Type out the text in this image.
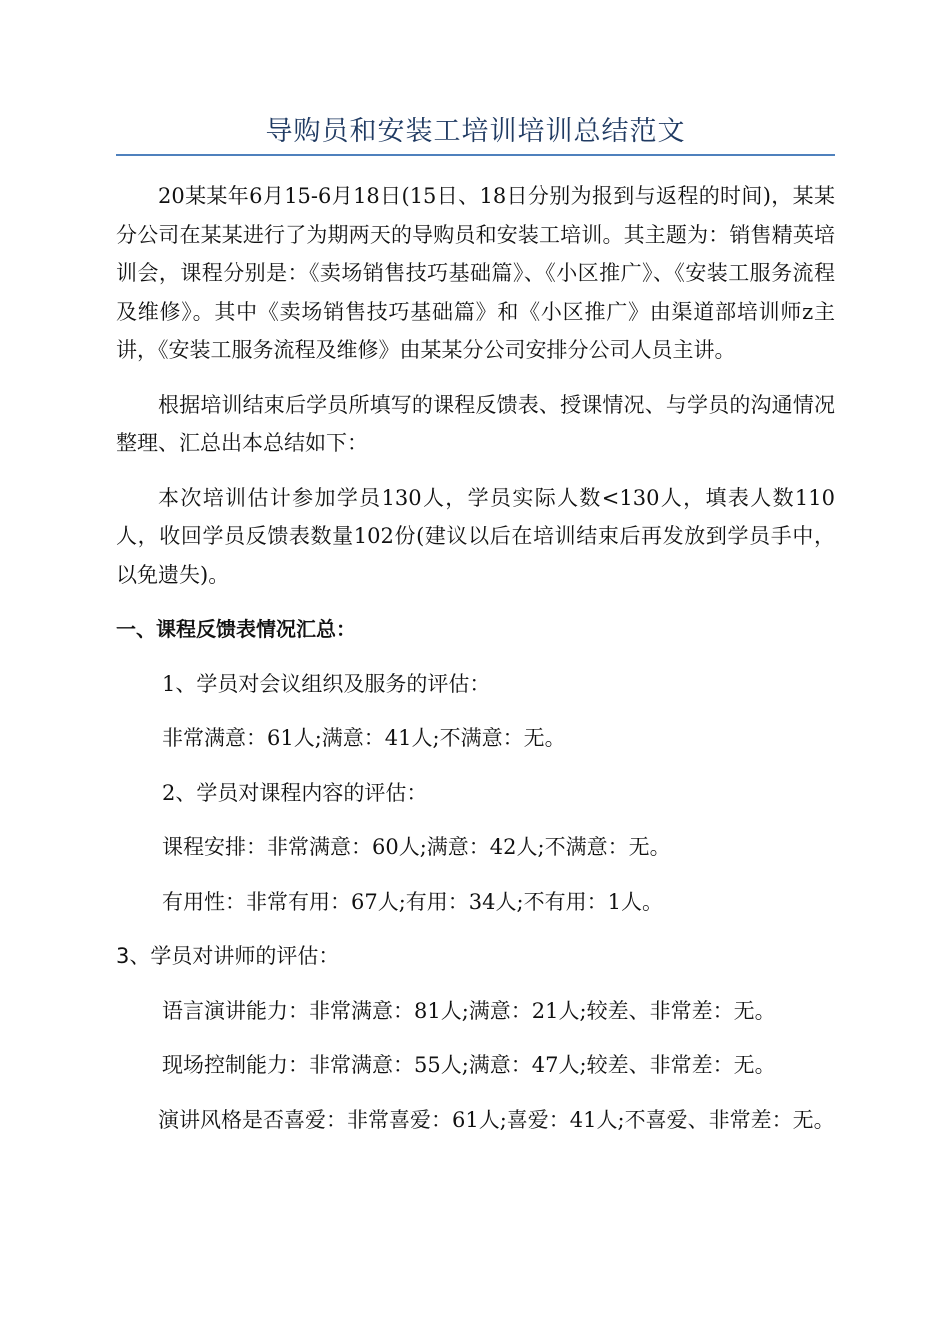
导购员和安装工培训培训总结范文

20某某年6月15-6月18日(15日、18日分别为报到与返程的时间)，某某分公司在某某进行了为期两天的导购员和安装工培训。其主题为：销售精英培训会，课程分别是：《卖场销售技巧基础篇》、《小区推广》、《安装工服务流程及维修》。其中《卖场销售技巧基础篇》和《小区推广》由渠道部培训师z主讲，《安装工服务流程及维修》由某某分公司安排分公司人员主讲。

根据培训结束后学员所填写的课程反馈表、授课情况、与学员的沟通情况整理、汇总出本总结如下：

本次培训估计参加学员130人，学员实际人数<130人，填表人数110人，收回学员反馈表数量102份(建议以后在培训结束后再发放到学员手中，以免遗失)。

一、课程反馈表情况汇总：

1、学员对会议组织及服务的评估：

非常满意：61人;满意：41人;不满意：无。

2、学员对课程内容的评估：

课程安排：非常满意：60人;满意：42人;不满意：无。

有用性：非常有用：67人;有用：34人;不有用：1人。

3、学员对讲师的评估：

语言演讲能力：非常满意：81人;满意：21人;较差、非常差：无。

现场控制能力：非常满意：55人;满意：47人;较差、非常差：无。

演讲风格是否喜爱：非常喜爱：61人;喜爱：41人;不喜爱、非常差：无。
